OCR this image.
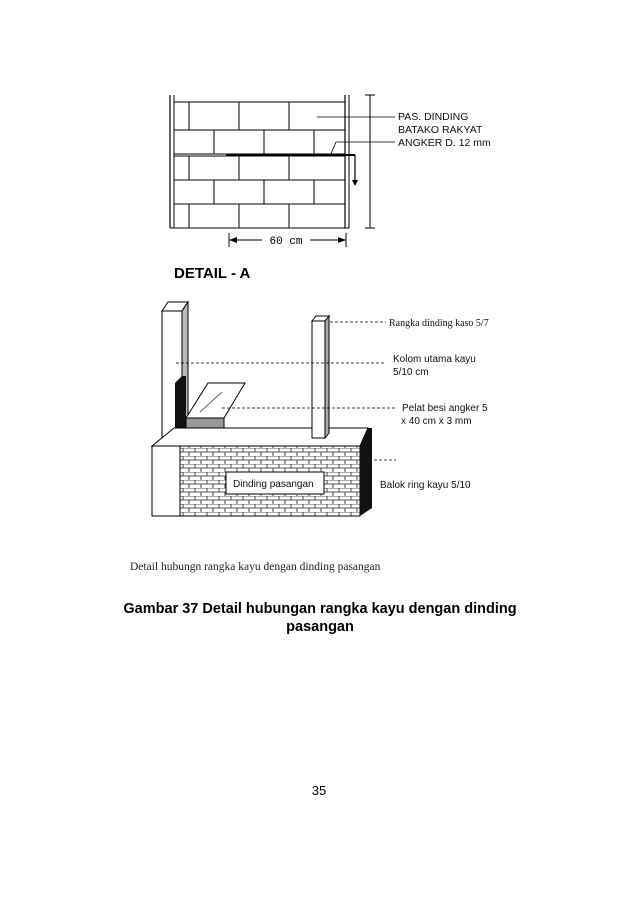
PAS. DINDING
BATAKO RAKYAT
ANGKER D. 12 mm
60 cm
DETAIL - A
Rangka dinding kaso 5/7
Kolom utama kayu
5/10 cm
Pelat besi angker 5
x 40 cm x 3 mm
Balok ring kayu 5/10
Dinding pasangan
Detail hubungn rangka kayu dengan dinding pasangan
Gambar 37 Detail hubungan rangka kayu dengan dinding
pasangan
35
